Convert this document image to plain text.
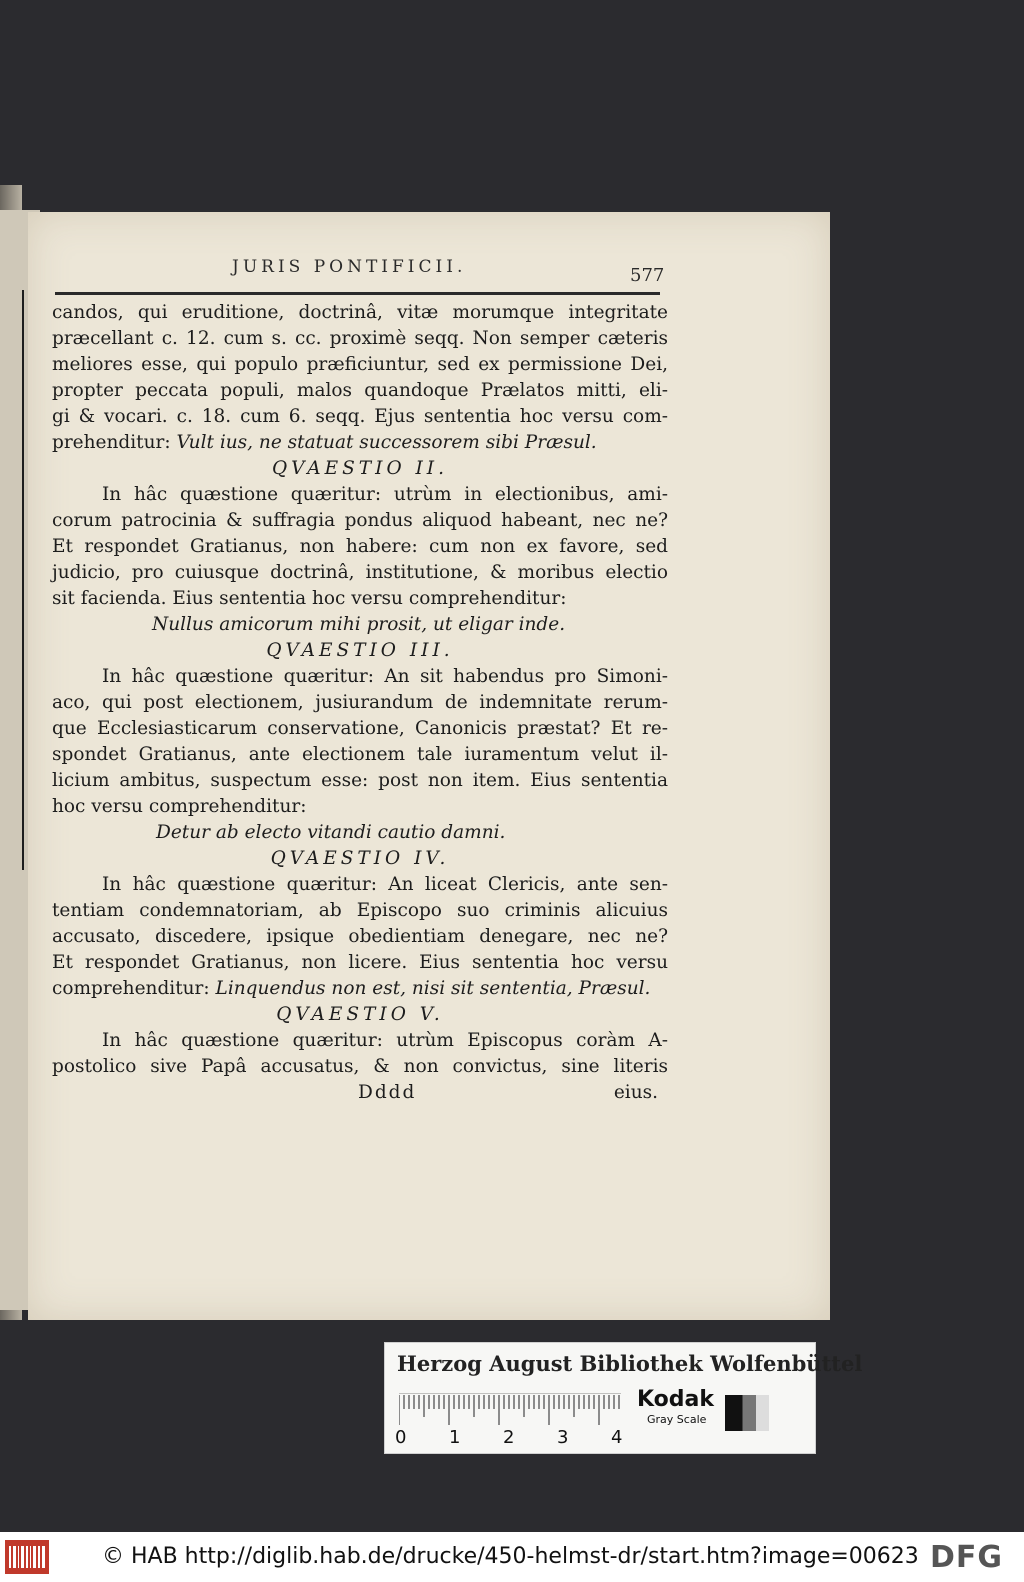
JURIS PONTIFICII.	577
candos, qui eruditione, doctrinâ, vitæ morumque integritate
præcellant c. 12. cum s. cc. proximè seqq. Non semper cæteris
meliores esse, qui populo præficiuntur, sed ex permissione Dei,
propter peccata populi, malos quandoque Prælatos mitti, eli-
gi & vocari. c. 18. cum 6. seqq. Ejus sententia hoc versu com-
prehenditur: Vult ius, ne statuat successorem sibi Præsul.
QVAESTIO II.
In hâc quæstione quæritur: utrùm in electionibus, ami-
corum patrocinia & suffragia pondus aliquod habeant, nec ne?
Et respondet Gratianus, non habere: cum non ex favore, sed
judicio, pro cuiusque doctrinâ, institutione, & moribus electio
sit facienda. Eius sententia hoc versu comprehenditur:
Nullus amicorum mihi prosit, ut eligar inde.
QVAESTIO III.
In hâc quæstione quæritur: An sit habendus pro Simoni-
aco, qui post electionem, jusiurandum de indemnitate rerum-
que Ecclesiasticarum conservatione, Canonicis præstat? Et re-
spondet Gratianus, ante electionem tale iuramentum velut il-
licium ambitus, suspectum esse: post non item. Eius sententia
hoc versu comprehenditur:
Detur ab electo vitandi cautio damni.
QVAESTIO IV.
In hâc quæstione quæritur: An liceat Clericis, ante sen-
tentiam condemnatoriam, ab Episcopo suo criminis alicuius
accusato, discedere, ipsique obedientiam denegare, nec ne?
Et respondet Gratianus, non licere. Eius sententia hoc versu
comprehenditur: Linquendus non est, nisi sit sententia, Præsul.
QVAESTIO V.
In hâc quæstione quæritur: utrùm Episcopus coràm A-
postolico sive Papâ accusatus, & non convictus, sine literis
Dddd	eius.
Herzog August Bibliothek Wolfenbüttel
0 1 2 3 4
Kodak
Gray Scale
© HAB http://diglib.hab.de/drucke/450-helmst-dr/start.htm?image=00623 DFG
